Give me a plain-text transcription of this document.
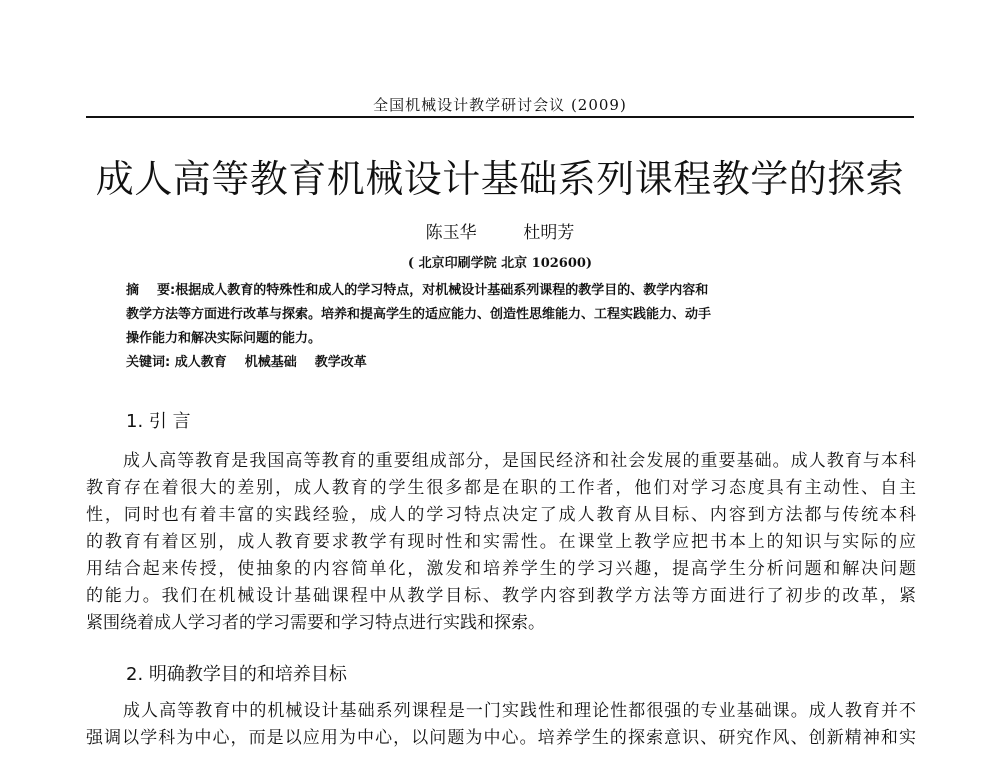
全国机械设计教学研讨会议 (2009)
成人高等教育机械设计基础系列课程教学的探索
陈玉华	杜明芳
( 北京印刷学院 北京 102600)
摘 要:根据成人教育的特殊性和成人的学习特点，对机械设计基础系列课程的教学目的、教学内容和
教学方法等方面进行改革与探索。培养和提高学生的适应能力、创造性思维能力、工程实践能力、动手
操作能力和解决实际问题的能力。
关键词: 成人教育 机械基础 教学改革
1. 引 言
成人高等教育是我国高等教育的重要组成部分，是国民经济和社会发展的重要基础。成人教育与本科
教育存在着很大的差别，成人教育的学生很多都是在职的工作者，他们对学习态度具有主动性、自主
性，同时也有着丰富的实践经验，成人的学习特点决定了成人教育从目标、内容到方法都与传统本科
的教育有着区别，成人教育要求教学有现时性和实需性。在课堂上教学应把书本上的知识与实际的应
用结合起来传授，使抽象的内容简单化，激发和培养学生的学习兴趣，提高学生分析问题和解决问题
的能力。我们在机械设计基础课程中从教学目标、教学内容到教学方法等方面进行了初步的改革，紧
紧围绕着成人学习者的学习需要和学习特点进行实践和探索。
2. 明确教学目的和培养目标
成人高等教育中的机械设计基础系列课程是一门实践性和理论性都很强的专业基础课。成人教育并不
强调以学科为中心，而是以应用为中心，以问题为中心。培养学生的探索意识、研究作风、创新精神和实
